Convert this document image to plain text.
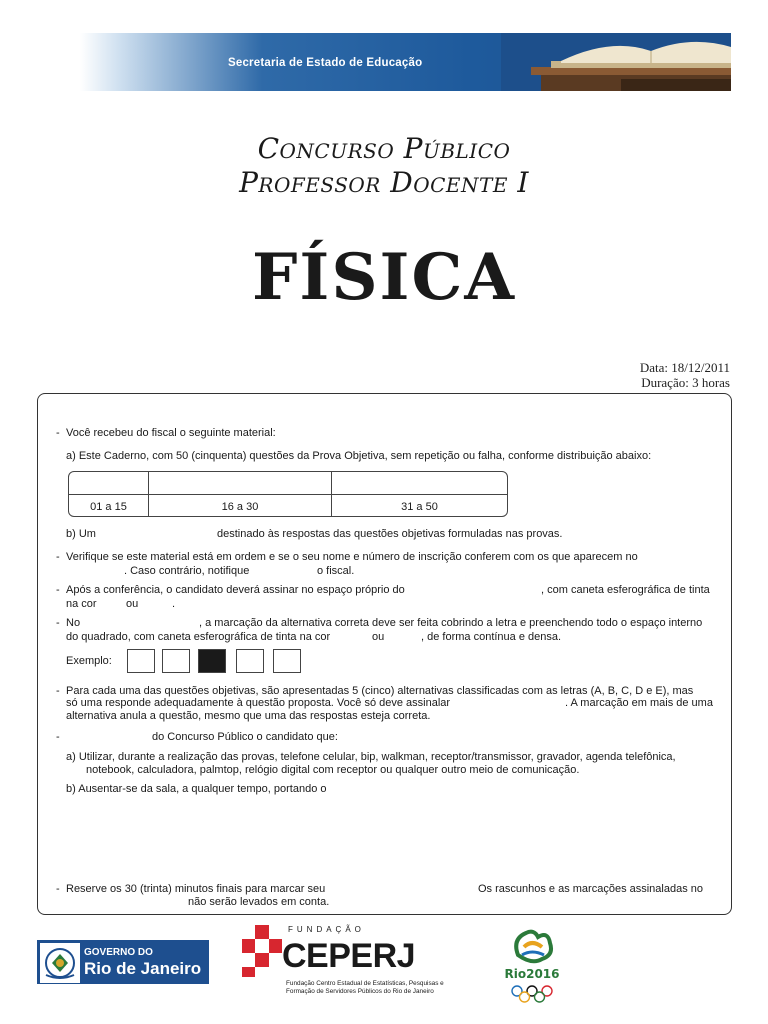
Secretaria de Estado de Educação
Concurso Público
Professor Docente I
FÍSICA
Data: 18/12/2011
Duração: 3 horas
- Você recebeu do fiscal o seguinte material:
a) Este Caderno, com 50 (cinquenta) questões da Prova Objetiva, sem repetição ou falha, conforme distribuição abaixo:
01 a 15	16 a 30	31 a 50
b) Um	destinado às respostas das questões objetivas formuladas nas provas.
- Verifique se este material está em ordem e se o seu nome e número de inscrição conferem com os que aparecem no
. Caso contrário, notifique	o fiscal.
- Após a conferência, o candidato deverá assinar no espaço próprio do	, com caneta esferográfica de tinta
na cor	ou	.
- No	, a marcação da alternativa correta deve ser feita cobrindo a letra e preenchendo todo o espaço interno
do quadrado, com caneta esferográfica de tinta na cor	ou	, de forma contínua e densa.
Exemplo:
- Para cada uma das questões objetivas, são apresentadas 5 (cinco) alternativas classificadas com as letras (A, B, C, D e E), mas
só uma responde adequadamente à questão proposta. Você só deve assinalar	. A marcação em mais de uma
alternativa anula a questão, mesmo que uma das respostas esteja correta.
-	do Concurso Público o candidato que:
a) Utilizar, durante a realização das provas, telefone celular, bip, walkman, receptor/transmissor, gravador, agenda telefônica,
notebook, calculadora, palmtop, relógio digital com receptor ou qualquer outro meio de comunicação.
b) Ausentar-se da sala, a qualquer tempo, portando o
- Reserve os 30 (trinta) minutos finais para marcar seu	Os rascunhos e as marcações assinaladas no
não serão levados em conta.
GOVERNO DO
Rio de Janeiro
FUNDAÇÃO
CEPERJ
Fundação Centro Estadual de Estatísticas, Pesquisas e Formação de Servidores Públicos do Rio de Janeiro
Rio2016
